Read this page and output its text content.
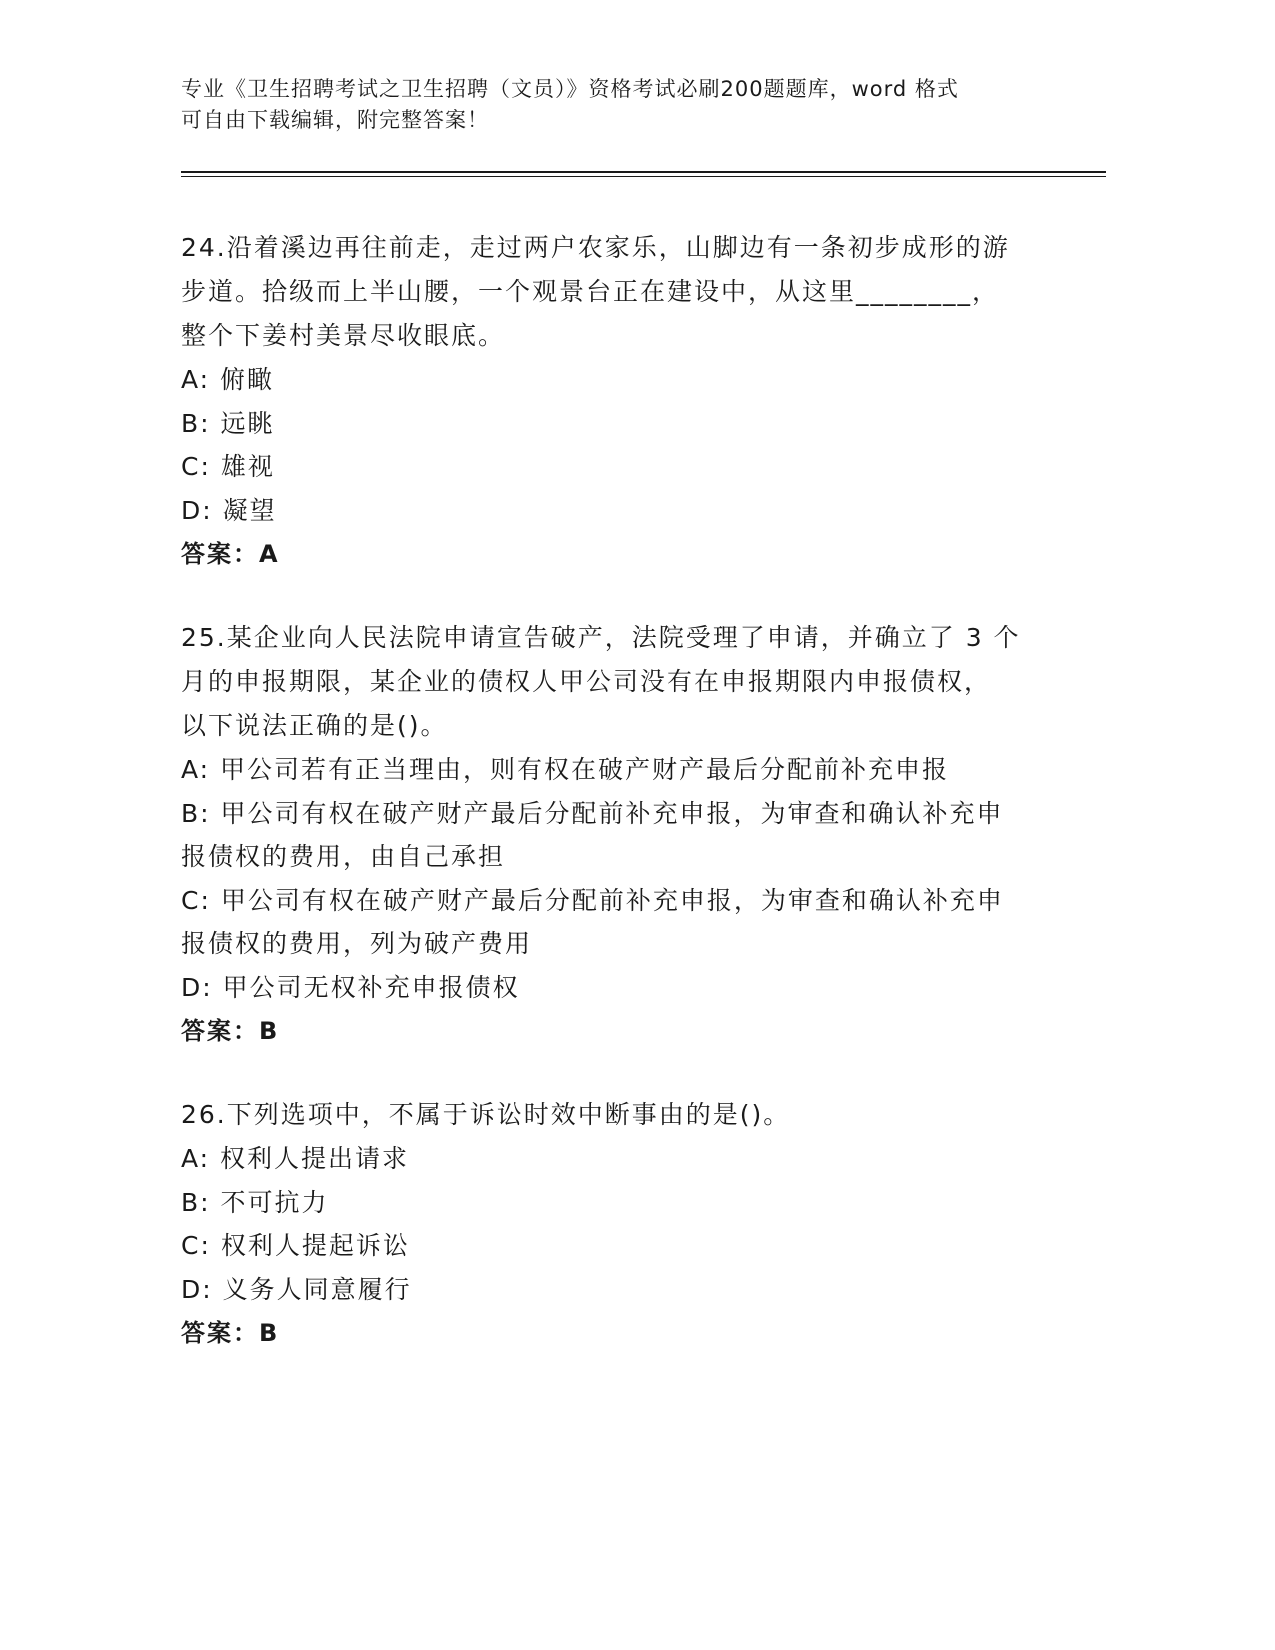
专业《卫生招聘考试之卫生招聘（文员）》资格考试必刷200题题库，word 格式
可自由下载编辑，附完整答案！
24.沿着溪边再往前走，走过两户农家乐，山脚边有一条初步成形的游
步道。拾级而上半山腰，一个观景台正在建设中，从这里________，
整个下姜村美景尽收眼底。
A: 俯瞰
B: 远眺
C: 雄视
D: 凝望
答案：A
25.某企业向人民法院申请宣告破产，法院受理了申请，并确立了 3 个
月的申报期限，某企业的债权人甲公司没有在申报期限内申报债权，
以下说法正确的是()。
A: 甲公司若有正当理由，则有权在破产财产最后分配前补充申报
B: 甲公司有权在破产财产最后分配前补充申报，为审查和确认补充申
报债权的费用，由自己承担
C: 甲公司有权在破产财产最后分配前补充申报，为审查和确认补充申
报债权的费用，列为破产费用
D: 甲公司无权补充申报债权
答案：B
26.下列选项中，不属于诉讼时效中断事由的是()。
A: 权利人提出请求
B: 不可抗力
C: 权利人提起诉讼
D: 义务人同意履行
答案：B
